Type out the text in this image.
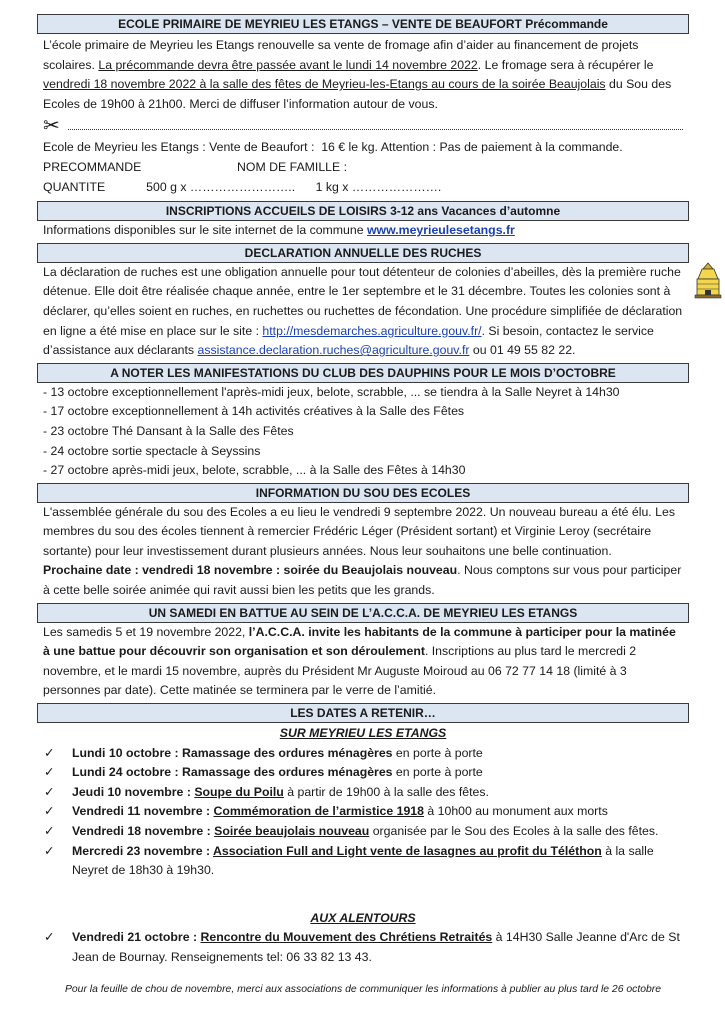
ECOLE PRIMAIRE DE MEYRIEU LES ETANGS – VENTE DE BEAUFORT Précommande
L’école primaire de Meyrieu les Etangs renouvelle sa vente de fromage afin d’aider au financement de projets scolaires. La précommande devra être passée avant le lundi 14 novembre 2022. Le fromage sera à récupérer le vendredi 18 novembre 2022 à la salle des fêtes de Meyrieu-les-Etangs au cours de la soirée Beaujolais du Sou des Ecoles de 19h00 à 21h00. Merci de diffuser l’information autour de vous.
✂
Ecole de Meyrieu les Etangs : Vente de Beaufort :  16 € le kg. Attention : Pas de paiement à la commande.
PRECOMMANDE                            NOM DE FAMILLE :
QUANTITE            500 g x ……………………..      1 kg x ………………….
INSCRIPTIONS ACCUEILS DE LOISIRS 3-12 ans Vacances d’automne
Informations disponibles sur le site internet de la commune www.meyrieulesetangs.fr
DECLARATION ANNUELLE DES RUCHES
La déclaration de ruches est une obligation annuelle pour tout détenteur de colonies d’abeilles, dès la première ruche détenue. Elle doit être réalisée chaque année, entre le 1er septembre et le 31 décembre. Toutes les colonies sont à déclarer, qu’elles soient en ruches, en ruchettes ou ruchettes de fécondation. Une procédure simplifiée de déclaration en ligne a été mise en place sur le site : http://mesdemarches.agriculture.gouv.fr/. Si besoin, contactez le service d’assistance aux déclarants assistance.declaration.ruches@agriculture.gouv.fr ou 01 49 55 82 22.
A NOTER LES MANIFESTATIONS DU CLUB DES DAUPHINS POUR LE MOIS D’OCTOBRE
- 13 octobre exceptionnellement l'après-midi jeux, belote, scrabble, ... se tiendra à la Salle Neyret à 14h30
- 17 octobre exceptionnellement à 14h activités créatives à la Salle des Fêtes
- 23 octobre Thé Dansant à la Salle des Fêtes
- 24 octobre sortie spectacle à Seyssins
- 27 octobre après-midi jeux, belote, scrabble, ... à la Salle des Fêtes à 14h30
INFORMATION DU SOU DES ECOLES
L'assemblée générale du sou des Ecoles a eu lieu le vendredi 9 septembre 2022. Un nouveau bureau a été élu. Les membres du sou des écoles tiennent à remercier Frédéric Léger (Président sortant) et Virginie Leroy (secrétaire sortante) pour leur investissement durant plusieurs années. Nous leur souhaitons une belle continuation.
Prochaine date : vendredi 18 novembre : soirée du Beaujolais nouveau. Nous comptons sur vous pour participer à cette belle soirée animée qui ravit aussi bien les petits que les grands.
UN SAMEDI EN BATTUE AU SEIN DE L’A.C.C.A. DE MEYRIEU LES ETANGS
Les samedis 5 et 19 novembre 2022, l’A.C.C.A. invite les habitants de la commune à participer pour la matinée à une battue pour découvrir son organisation et son déroulement. Inscriptions au plus tard le mercredi 2 novembre, et le mardi 15 novembre, auprès du Président Mr Auguste Moiroud au 06 72 77 14 18 (limité à 3 personnes par date). Cette matinée se terminera par le verre de l’amitié.
LES DATES A RETENIR…
SUR MEYRIEU LES ETANGS
✓ Lundi 10 octobre : Ramassage des ordures ménagères en porte à porte
✓ Lundi 24 octobre : Ramassage des ordures ménagères en porte à porte
✓ Jeudi 10 novembre : Soupe du Poilu à partir de 19h00 à la salle des fêtes.
✓ Vendredi 11 novembre : Commémoration de l’armistice 1918 à 10h00 au monument aux morts
✓ Vendredi 18 novembre : Soirée beaujolais nouveau organisée par le Sou des Ecoles à la salle des fêtes.
✓ Mercredi 23 novembre : Association Full and Light vente de lasagnes au profit du Téléthon à la salle Neyret de 18h30 à 19h30.
AUX ALENTOURS
✓ Vendredi 21 octobre : Rencontre du Mouvement des Chrétiens Retraités à 14H30 Salle Jeanne d'Arc de St Jean de Bournay. Renseignements tel: 06 33 82 13 43.
Pour la feuille de chou de novembre, merci aux associations de communiquer les informations à publier au plus tard le 26 octobre
